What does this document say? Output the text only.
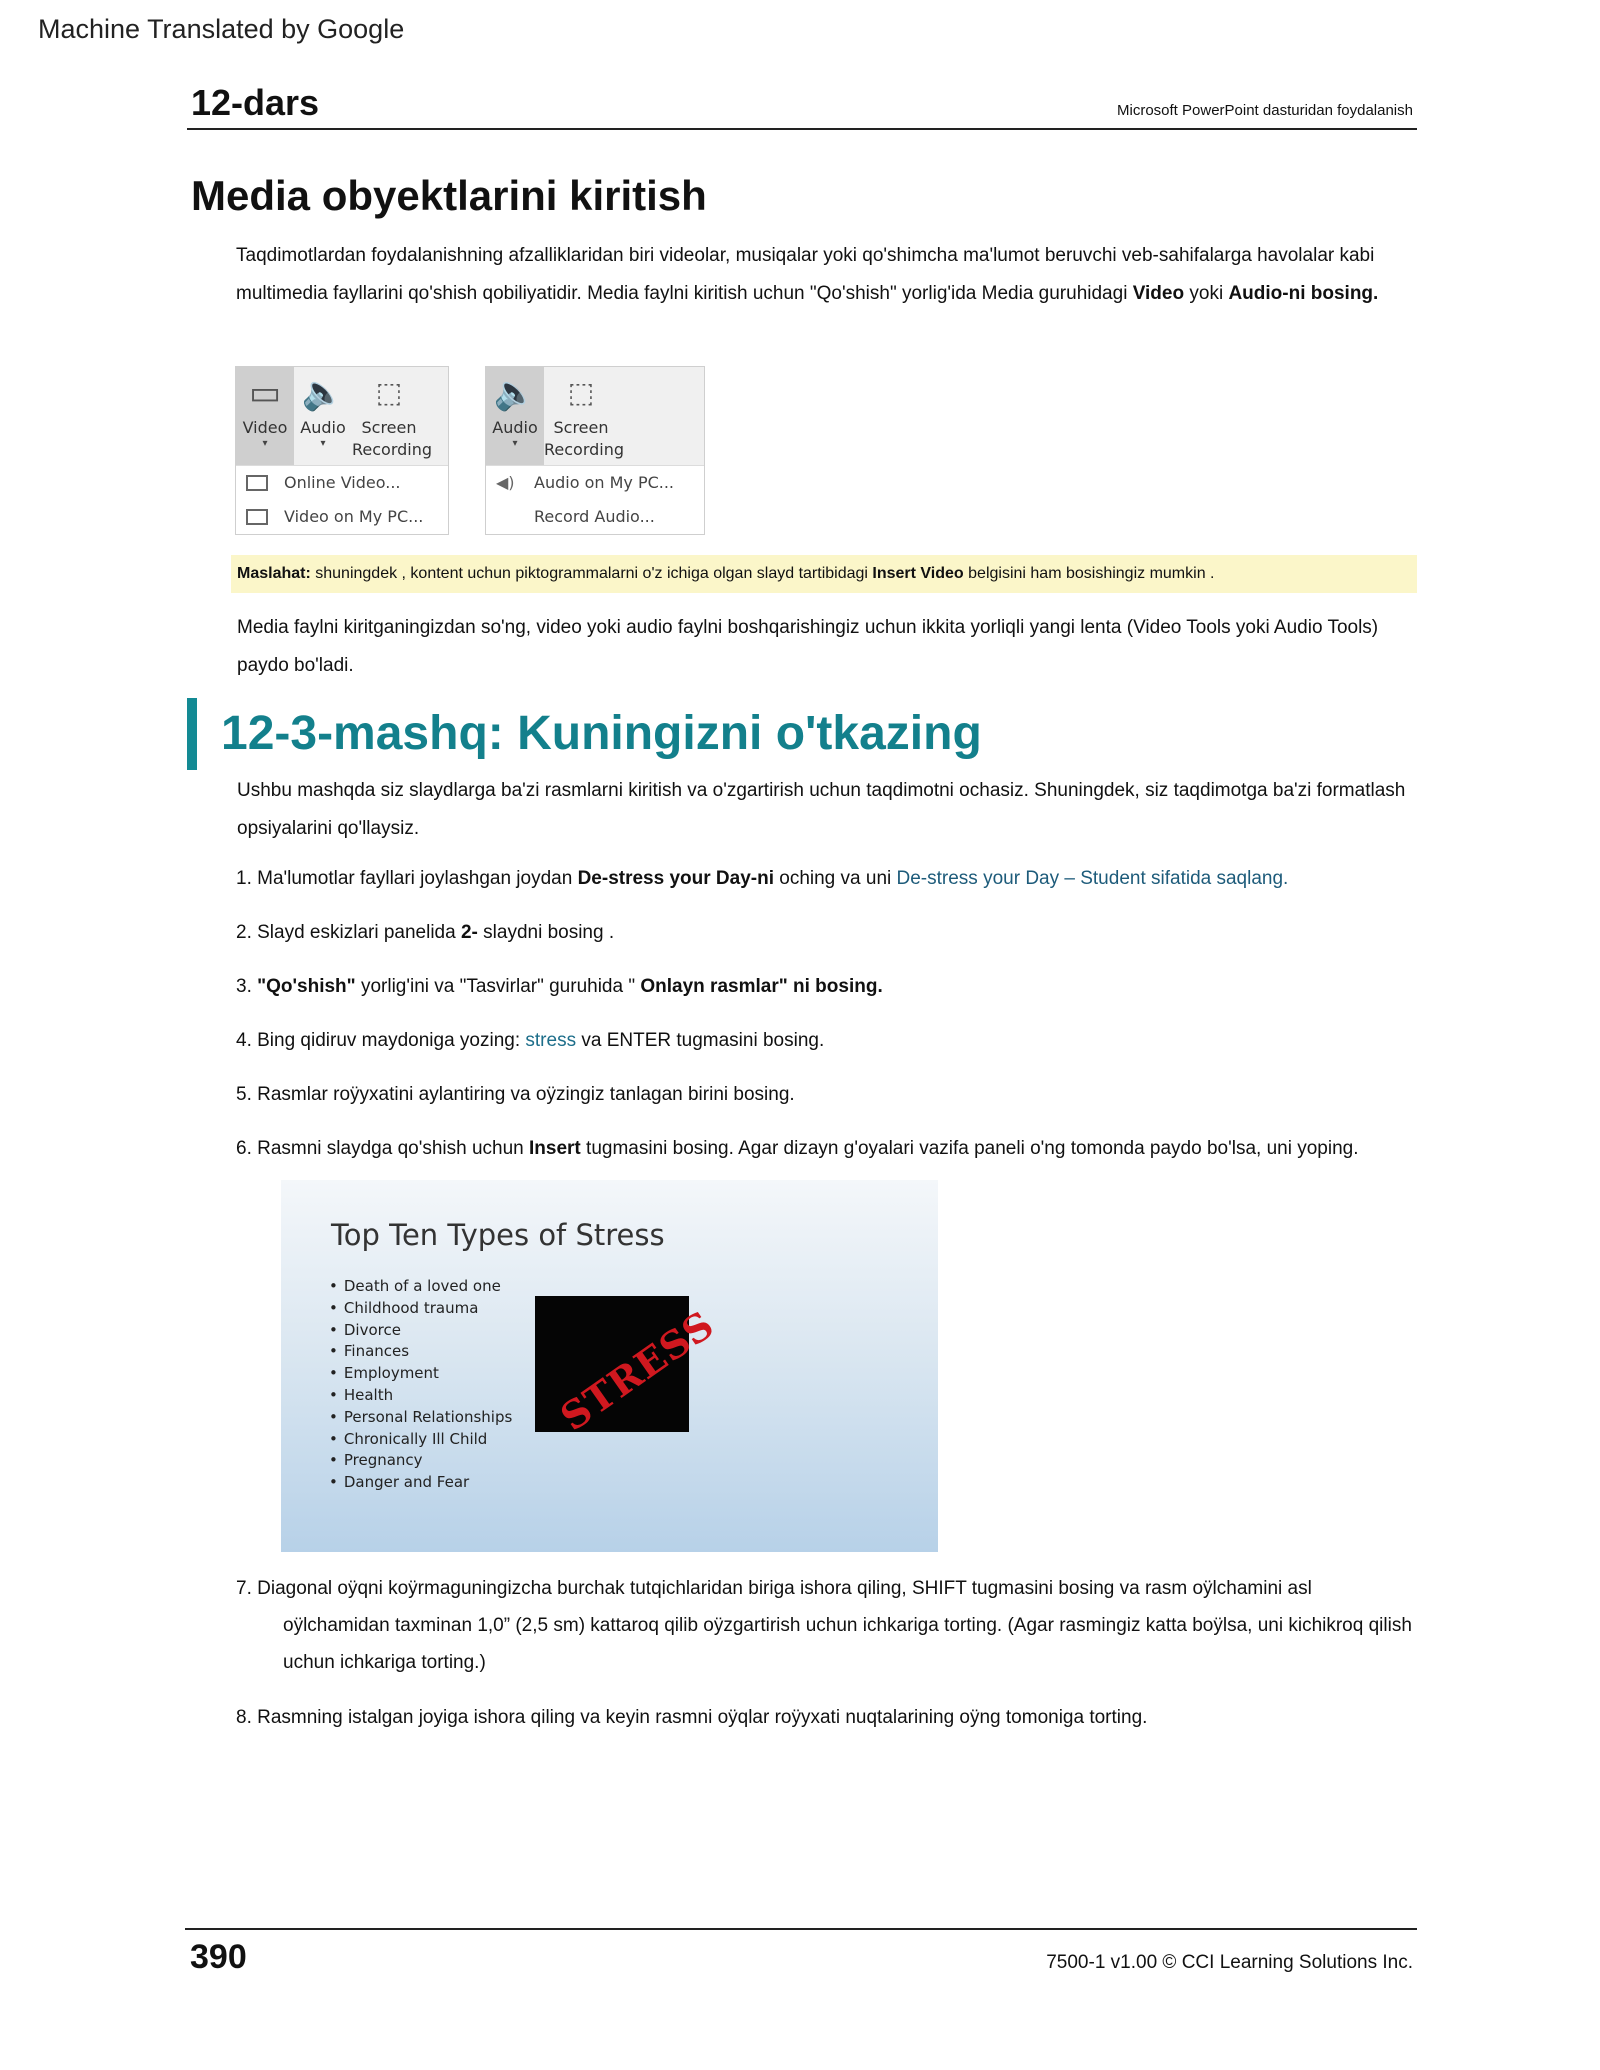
Machine Translated by Google
12-dars	Microsoft PowerPoint dasturidan foydalanish
Media obyektlarini kiritish

Taqdimotlardan foydalanishning afzalliklaridan biri videolar, musiqalar yoki qo'shimcha ma'lumot beruvchi veb-sahifalarga havolalar kabi multimedia fayllarini qo'shish qobiliyatidir. Media faylni kiritish uchun "Qo'shish" yorlig'ida Media guruhidagi Video yoki Audio-ni bosing.

▭
Video
▾
🔈
Audio
▾
⬚
Screen Recording
Online Video...
Video on My PC...
🔈
Audio
▾
⬚
Screen Recording
◀) Audio on My PC...
Record Audio...
Maslahat: shuningdek , kontent uchun piktogrammalarni o'z ichiga olgan slayd tartibidagi Insert Video belgisini ham bosishingiz mumkin .

Media faylni kiritganingizdan so'ng, video yoki audio faylni boshqarishingiz uchun ikkita yorliqli yangi lenta (Video Tools yoki Audio Tools) paydo bo'ladi.

12-3-mashq: Kuningizni o'tkazing

Ushbu mashqda siz slaydlarga ba'zi rasmlarni kiritish va o'zgartirish uchun taqdimotni ochasiz. Shuningdek, siz taqdimotga ba'zi formatlash opsiyalarini qo'llaysiz.

1. Ma'lumotlar fayllari joylashgan joydan De-stress your Day-ni oching va uni De-stress your Day – Student sifatida saqlang.

2. Slayd eskizlari panelida 2- slaydni bosing .

3. "Qo'shish" yorlig'ini va "Tasvirlar" guruhida " Onlayn rasmlar" ni bosing.

4. Bing qidiruv maydoniga yozing: stress va ENTER tugmasini bosing.

5. Rasmlar roÿyxatini aylantiring va oÿzingiz tanlagan birini bosing.

6. Rasmni slaydga qo'shish uchun Insert tugmasini bosing. Agar dizayn g'oyalari vazifa paneli o'ng tomonda paydo bo'lsa, uni yoping.

Top Ten Types of Stress
• Death of a loved one
• Childhood trauma
• Divorce
• Finances
• Employment
• Health
• Personal Relationships
• Chronically Ill Child
• Pregnancy
• Danger and Fear
STRESS

7. Diagonal oÿqni koÿrmaguningizcha burchak tutqichlaridan biriga ishora qiling, SHIFT tugmasini bosing va rasm oÿlchamini asl oÿlchamidan taxminan 1,0” (2,5 sm) kattaroq qilib oÿzgartirish uchun ichkariga torting. (Agar rasmingiz katta boÿlsa, uni kichikroq qilish uchun ichkariga torting.)

8. Rasmning istalgan joyiga ishora qiling va keyin rasmni oÿqlar roÿyxati nuqtalarining oÿng tomoniga torting.

390	7500-1 v1.00 © CCI Learning Solutions Inc.
